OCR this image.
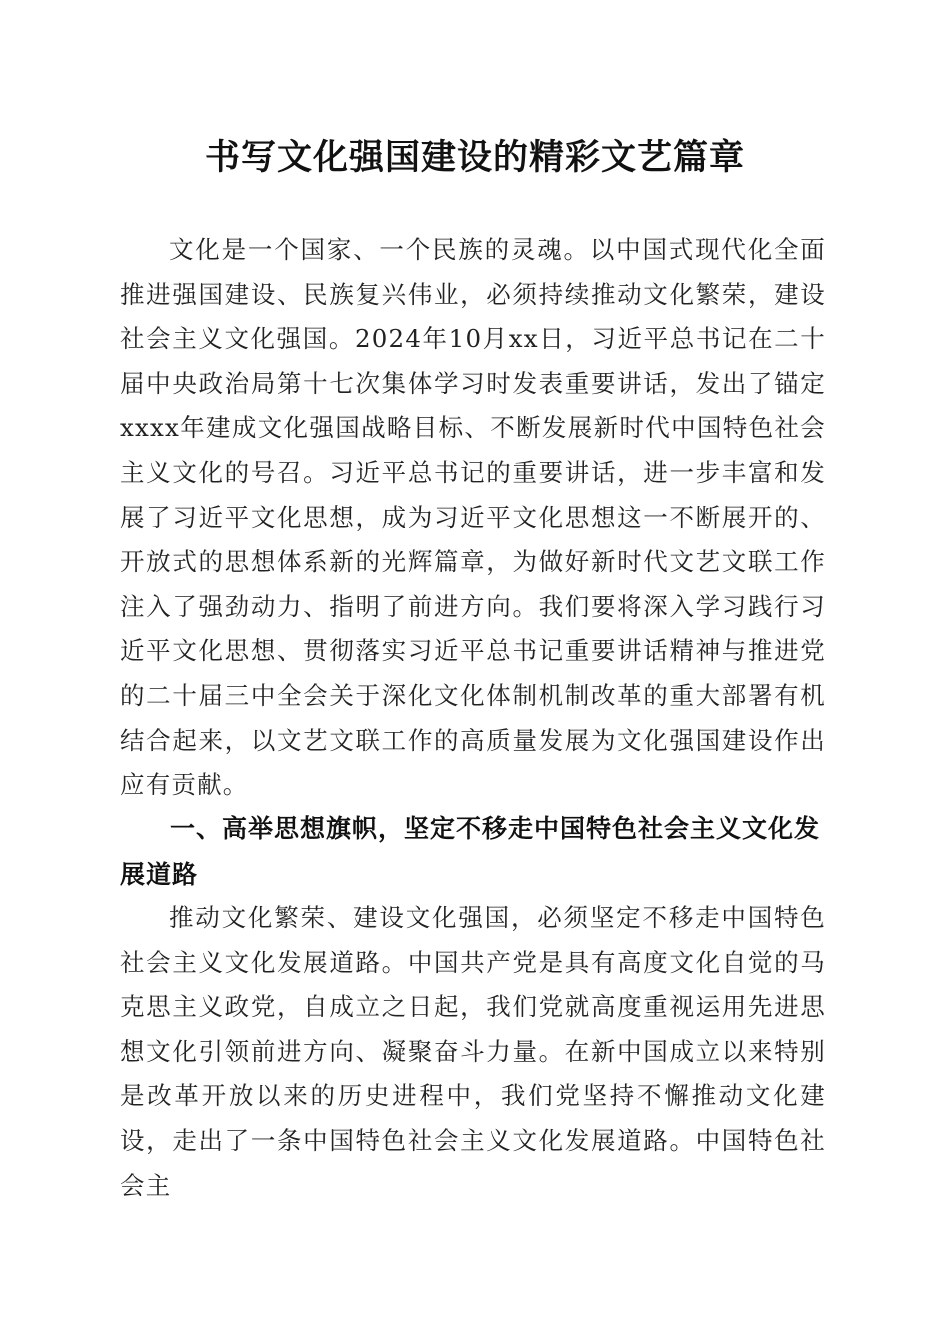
书写文化强国建设的精彩文艺篇章

文化是一个国家、一个民族的灵魂。以中国式现代化全面推进强国建设、民族复兴伟业，必须持续推动文化繁荣，建设社会主义文化强国。2024年10月xx日，习近平总书记在二十届中央政治局第十七次集体学习时发表重要讲话，发出了锚定xxxx年建成文化强国战略目标、不断发展新时代中国特色社会主义文化的号召。习近平总书记的重要讲话，进一步丰富和发展了习近平文化思想，成为习近平文化思想这一不断展开的、开放式的思想体系新的光辉篇章，为做好新时代文艺文联工作注入了强劲动力、指明了前进方向。我们要将深入学习践行习近平文化思想、贯彻落实习近平总书记重要讲话精神与推进党的二十届三中全会关于深化文化体制机制改革的重大部署有机结合起来，以文艺文联工作的高质量发展为文化强国建设作出应有贡献。

一、高举思想旗帜，坚定不移走中国特色社会主义文化发展道路

推动文化繁荣、建设文化强国，必须坚定不移走中国特色社会主义文化发展道路。中国共产党是具有高度文化自觉的马克思主义政党，自成立之日起，我们党就高度重视运用先进思想文化引领前进方向、凝聚奋斗力量。在新中国成立以来特别是改革开放以来的历史进程中，我们党坚持不懈推动文化建设，走出了一条中国特色社会主义文化发展道路。中国特色社会主
